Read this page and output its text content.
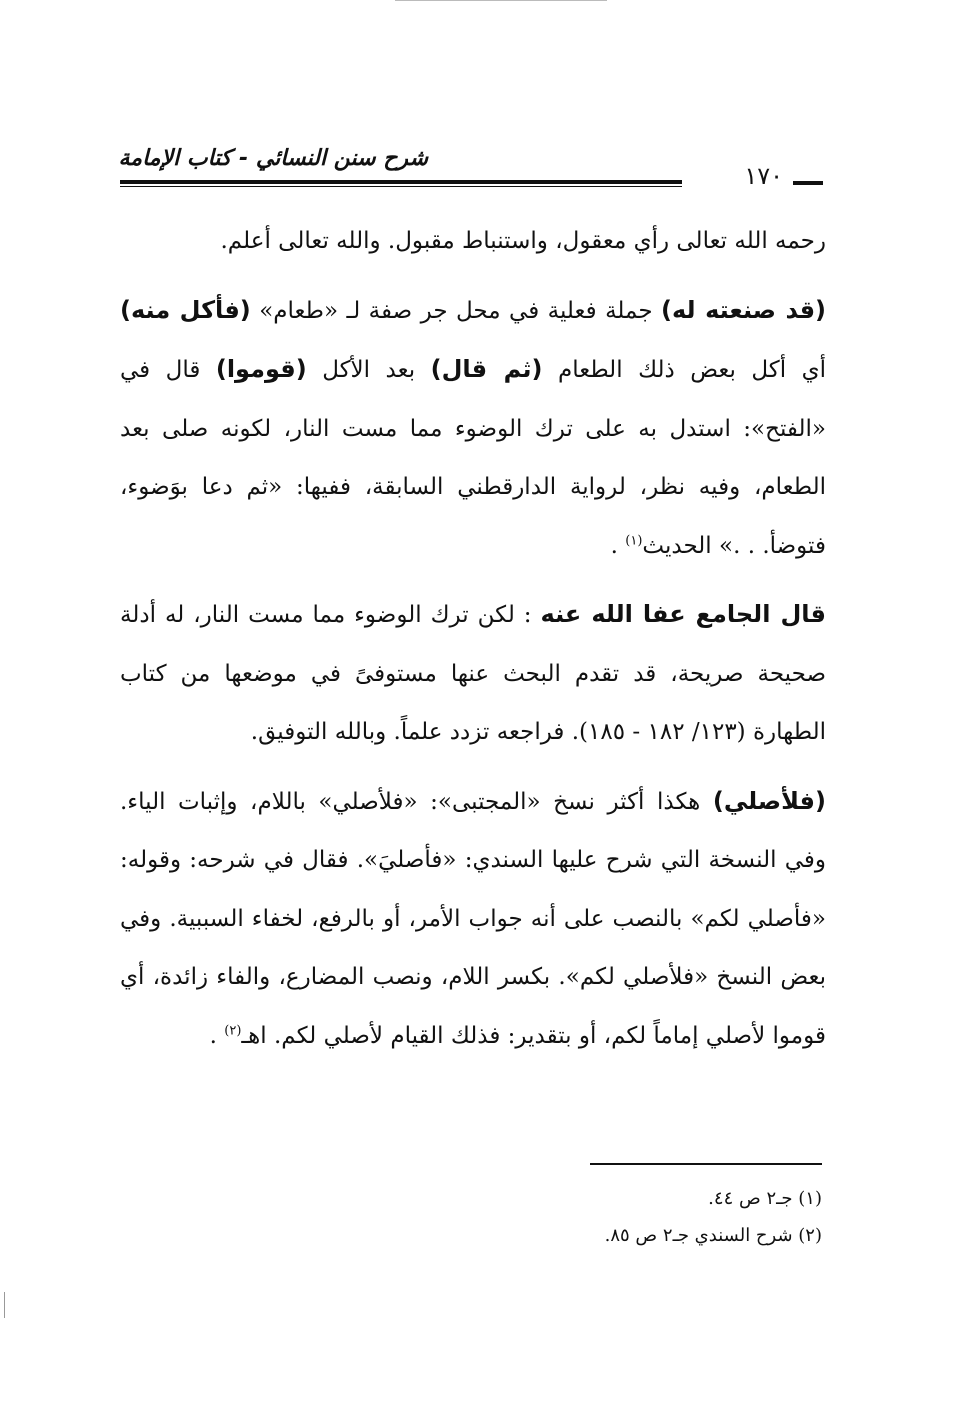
شرح سنن النسائي - كتاب الإمامة
١٧٠

رحمه الله تعالى رأي معقول، واستنباط مقبول. والله تعالى أعلم.

(قد صنعته له) جملة فعلية في محل جر صفة لـ «طعام» (فأكل منه) أي أكل بعض ذلك الطعام (ثم قال) بعد الأكل (قوموا) قال في «الفتح»: استدل به على ترك الوضوء مما مست النار، لكونه صلى بعد الطعام، وفيه نظر، لرواية الدارقطني السابقة، ففيها: «ثم دعا بوَضوء، فتوضأ. . .» الحديث$^{(١)}$ .

قال الجامع عفا الله عنه : لكن ترك الوضوء مما مست النار، له أدلة صحيحة صريحة، قد تقدم البحث عنها مستوفىً في موضعها من كتاب الطهارة (١٢٣/ ١٨٢ - ١٨٥). فراجعه تزدد علماً. وبالله التوفيق.

(فلأصلي) هكذا أكثر نسخ «المجتبى»: «فلأصلي» باللام، وإثبات الياء. وفي النسخة التي شرح عليها السندي: «فأصليَ». فقال في شرحه: وقوله: «فأصلي لكم» بالنصب على أنه جواب الأمر، أو بالرفع، لخفاء السببية. وفي بعض النسخ «فلأصلي لكم». بكسر اللام، ونصب المضارع، والفاء زائدة، أي قوموا لأصلي إماماً لكم، أو بتقدير: فذلك القيام لأصلي لكم. اهـ$^{(٢)}$ .

(١) جـ٢ ص ٤٤.
(٢) شرح السندي جـ٢ ص ٨٥.
